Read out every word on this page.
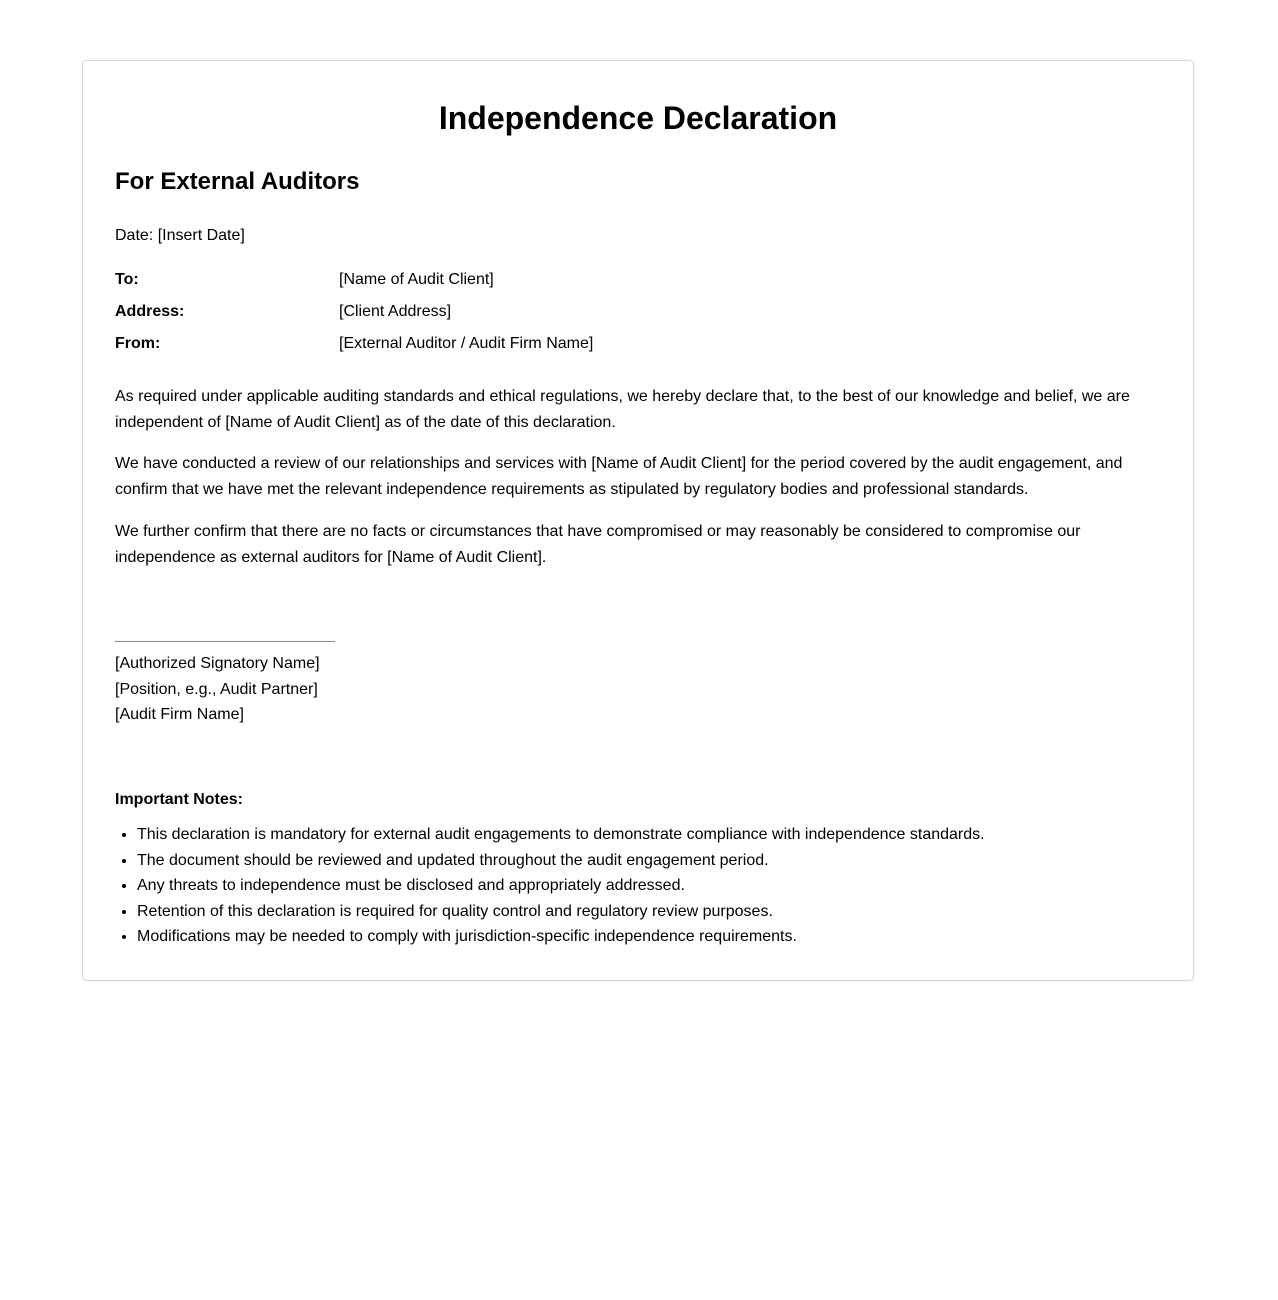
Independence Declaration
For External Auditors
Date: [Insert Date]
To:	[Name of Audit Client]
Address:	[Client Address]
From:	[External Auditor / Audit Firm Name]

As required under applicable auditing standards and ethical regulations, we hereby declare that, to the best of our knowledge and belief, we are independent of [Name of Audit Client] as of the date of this declaration.

We have conducted a review of our relationships and services with [Name of Audit Client] for the period covered by the audit engagement, and confirm that we have met the relevant independence requirements as stipulated by regulatory bodies and professional standards.

We further confirm that there are no facts or circumstances that have compromised or may reasonably be considered to compromise our independence as external auditors for [Name of Audit Client].

[Authorized Signatory Name]
[Position, e.g., Audit Partner]
[Audit Firm Name]
Important Notes:
• This declaration is mandatory for external audit engagements to demonstrate compliance with independence standards.
• The document should be reviewed and updated throughout the audit engagement period.
• Any threats to independence must be disclosed and appropriately addressed.
• Retention of this declaration is required for quality control and regulatory review purposes.
• Modifications may be needed to comply with jurisdiction-specific independence requirements.
